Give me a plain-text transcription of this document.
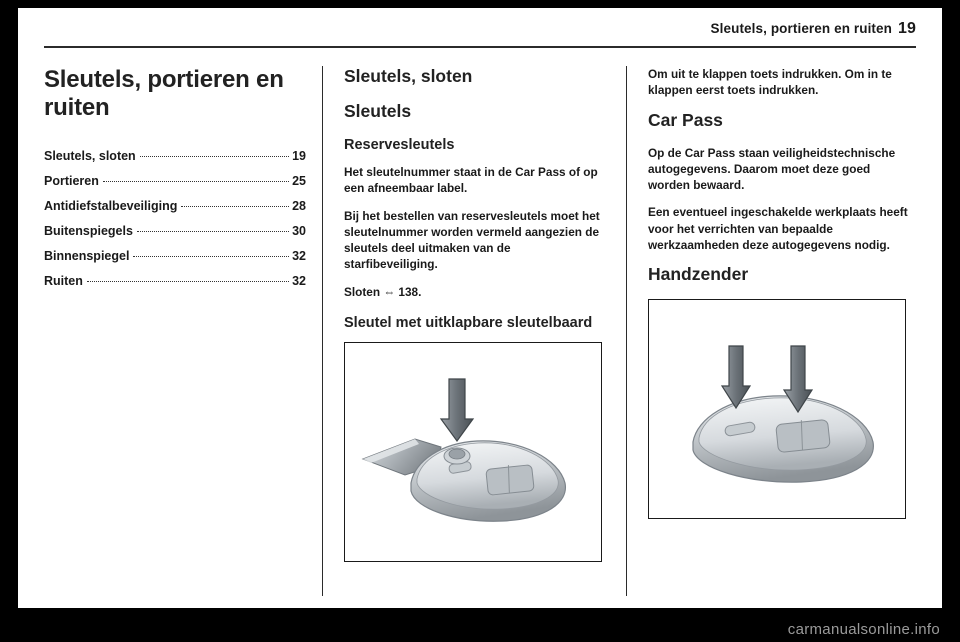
Sleutels, portieren en ruiten 19
Sleutels, portieren en ruiten
Sleutels, sloten	19
Portieren	25
Antidiefstalbeveiliging	28
Buitenspiegels	30
Binnenspiegel	32
Ruiten	32
Sleutels, sloten
Sleutels
Reservesleutels

Het sleutelnummer staat in de Car Pass of op een afneembaar label.

Bij het bestellen van reservesleutels moet het sleutelnummer worden vermeld aangezien de sleutels deel uitmaken van de starfibeveiliging.

Sloten ⇔ 138.

Sleutel met uitklapbare sleutelbaard

Om uit te klappen toets indrukken. Om in te klappen eerst toets indrukken.

Car Pass

Op de Car Pass staan veiligheidstechnische autogegevens. Daarom moet deze goed worden bewaard.

Een eventueel ingeschakelde werkplaats heeft voor het verrichten van bepaalde werkzaamheden deze autogegevens nodig.

Handzender
carmanualsonline.info
